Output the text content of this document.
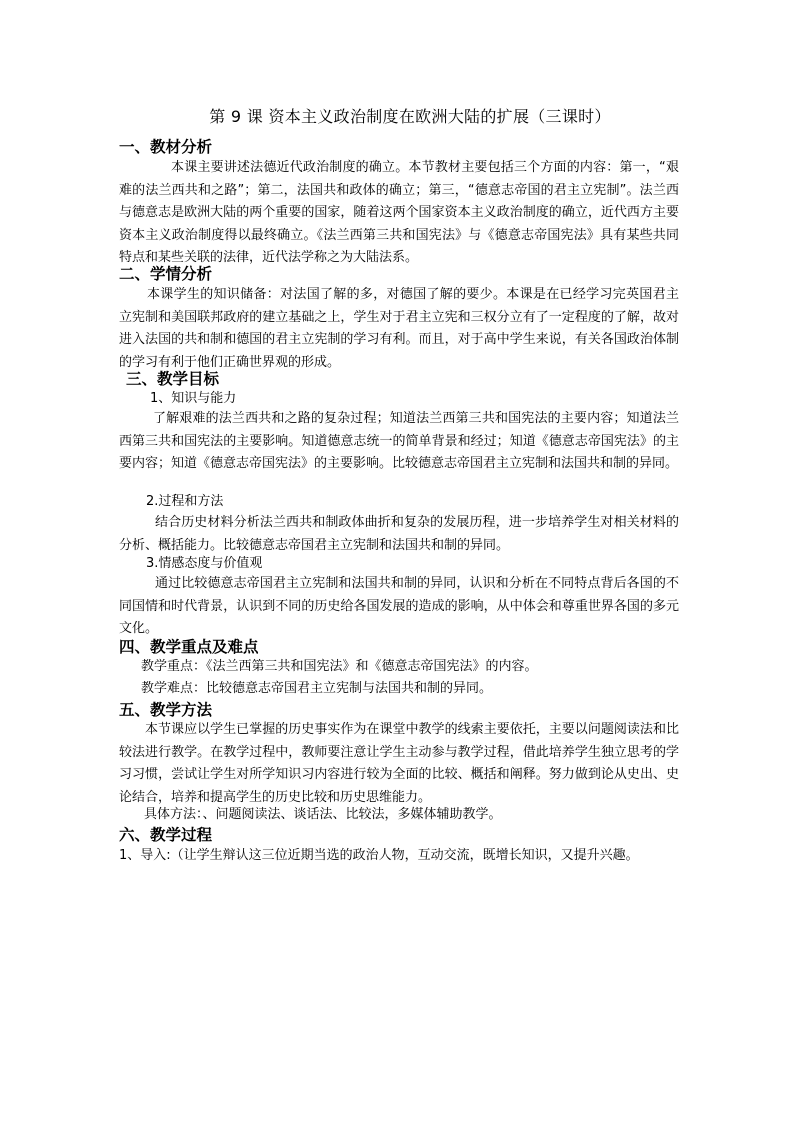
第 9 课 资本主义政治制度在欧洲大陆的扩展（三课时）
一、教材分析
本课主要讲述法德近代政治制度的确立。本节教材主要包括三个方面的内容：第一，“艰难的法兰西共和之路”；第二，法国共和政体的确立；第三，“德意志帝国的君主立宪制”。法兰西与德意志是欧洲大陆的两个重要的国家，随着这两个国家资本主义政治制度的确立，近代西方主要资本主义政治制度得以最终确立。《法兰西第三共和国宪法》与《德意志帝国宪法》具有某些共同特点和某些关联的法律，近代法学称之为大陆法系。
二、学情分析
本课学生的知识储备：对法国了解的多，对德国了解的要少。本课是在已经学习完英国君主立宪制和美国联邦政府的建立基础之上，学生对于君主立宪和三权分立有了一定程度的了解，故对进入法国的共和制和德国的君主立宪制的学习有利。而且，对于高中学生来说，有关各国政治体制的学习有利于他们正确世界观的形成。
三、教学目标
1、知识与能力
了解艰难的法兰西共和之路的复杂过程；知道法兰西第三共和国宪法的主要内容；知道法兰西第三共和国宪法的主要影响。知道德意志统一的简单背景和经过；知道《德意志帝国宪法》的主要内容；知道《德意志帝国宪法》的主要影响。比较德意志帝国君主立宪制和法国共和制的异同。
2.过程和方法
结合历史材料分析法兰西共和制政体曲折和复杂的发展历程，进一步培养学生对相关材料的分析、概括能力。比较德意志帝国君主立宪制和法国共和制的异同。
3.情感态度与价值观
通过比较德意志帝国君主立宪制和法国共和制的异同，认识和分析在不同特点背后各国的不同国情和时代背景，认识到不同的历史给各国发展的造成的影响，从中体会和尊重世界各国的多元文化。
四、教学重点及难点
教学重点：《法兰西第三共和国宪法》和《德意志帝国宪法》的内容。
教学难点：比较德意志帝国君主立宪制与法国共和制的异同。
五、教学方法
本节课应以学生已掌握的历史事实作为在课堂中教学的线索主要依托，主要以问题阅读法和比较法进行教学。在教学过程中，教师要注意让学生主动参与教学过程，借此培养学生独立思考的学习习惯，尝试让学生对所学知识习内容进行较为全面的比较、概括和阐释。努力做到论从史出、史论结合，培养和提高学生的历史比较和历史思维能力。
具体方法：、问题阅读法、谈话法、比较法，多媒体辅助教学。
六、教学过程
1、导入:（让学生辩认这三位近期当选的政治人物，互动交流，既增长知识，又提升兴趣。
